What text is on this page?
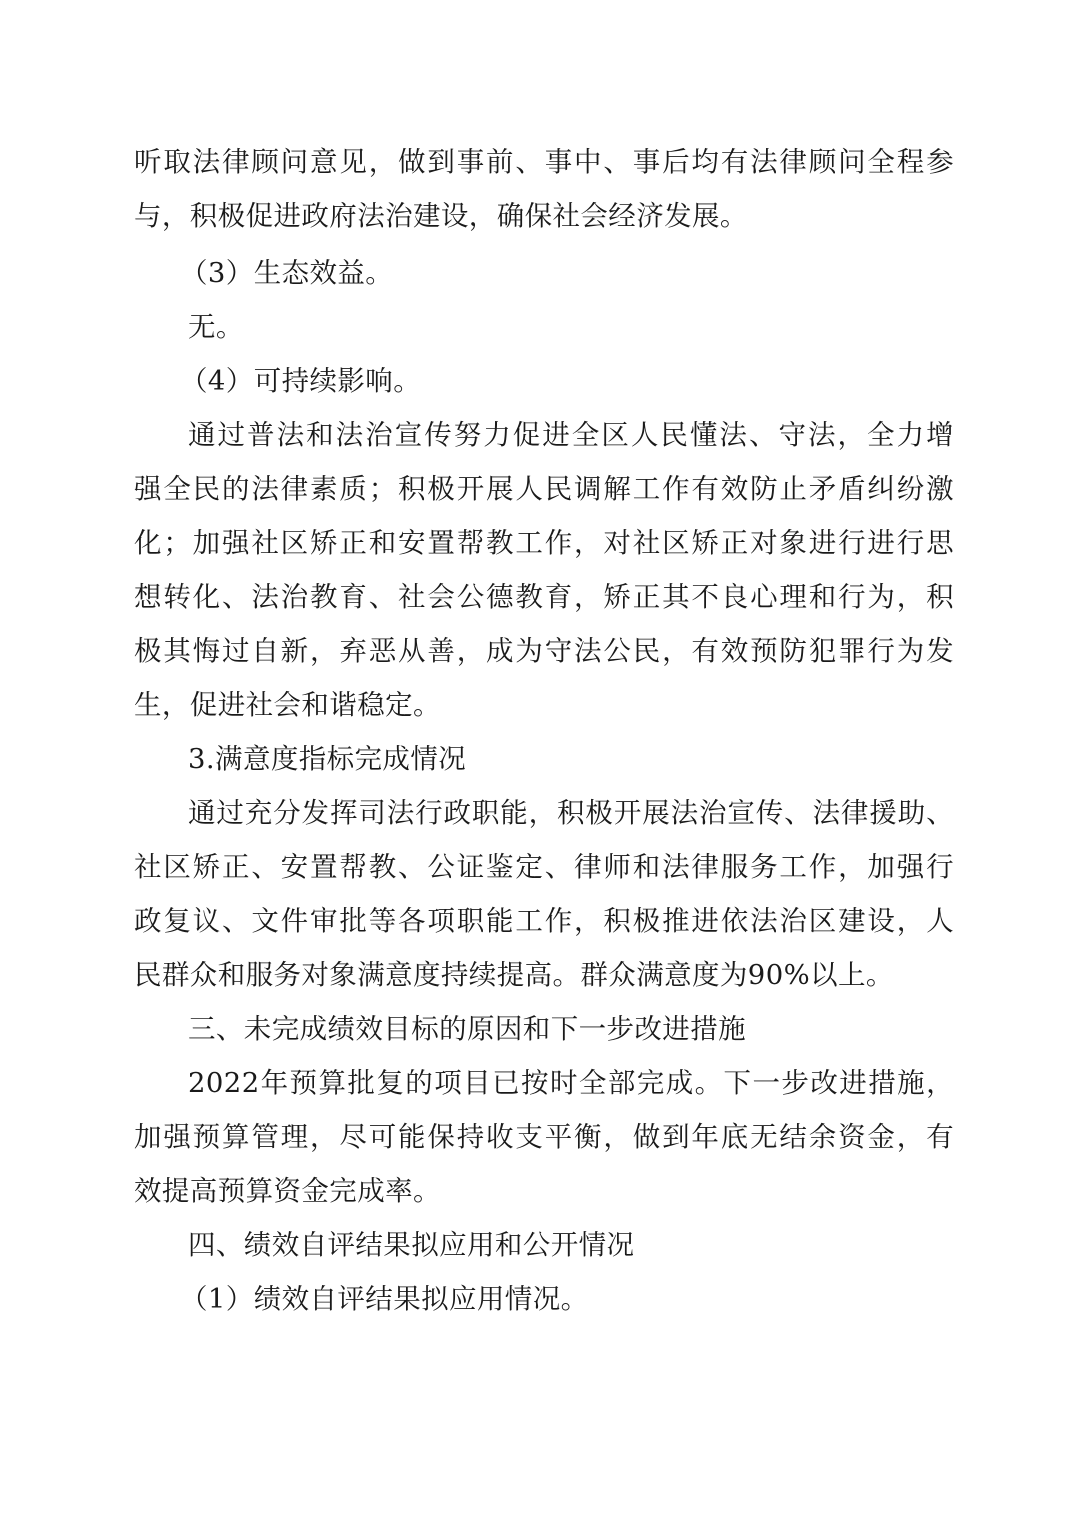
听取法律顾问意见，做到事前、事中、事后均有法律顾问全程参
与，积极促进政府法治建设，确保社会经济发展。
（3）生态效益。
无。
（4）可持续影响。
通过普法和法治宣传努力促进全区人民懂法、守法，全力增
强全民的法律素质；积极开展人民调解工作有效防止矛盾纠纷激
化；加强社区矫正和安置帮教工作，对社区矫正对象进行进行思
想转化、法治教育、社会公德教育，矫正其不良心理和行为，积
极其悔过自新，弃恶从善，成为守法公民，有效预防犯罪行为发
生，促进社会和谐稳定。
3.满意度指标完成情况
通过充分发挥司法行政职能，积极开展法治宣传、法律援助、
社区矫正、安置帮教、公证鉴定、律师和法律服务工作，加强行
政复议、文件审批等各项职能工作，积极推进依法治区建设，人
民群众和服务对象满意度持续提高。群众满意度为90%以上。
三、未完成绩效目标的原因和下一步改进措施
2022年预算批复的项目已按时全部完成。下一步改进措施，
加强预算管理，尽可能保持收支平衡，做到年底无结余资金，有
效提高预算资金完成率。
四、绩效自评结果拟应用和公开情况
（1）绩效自评结果拟应用情况。
